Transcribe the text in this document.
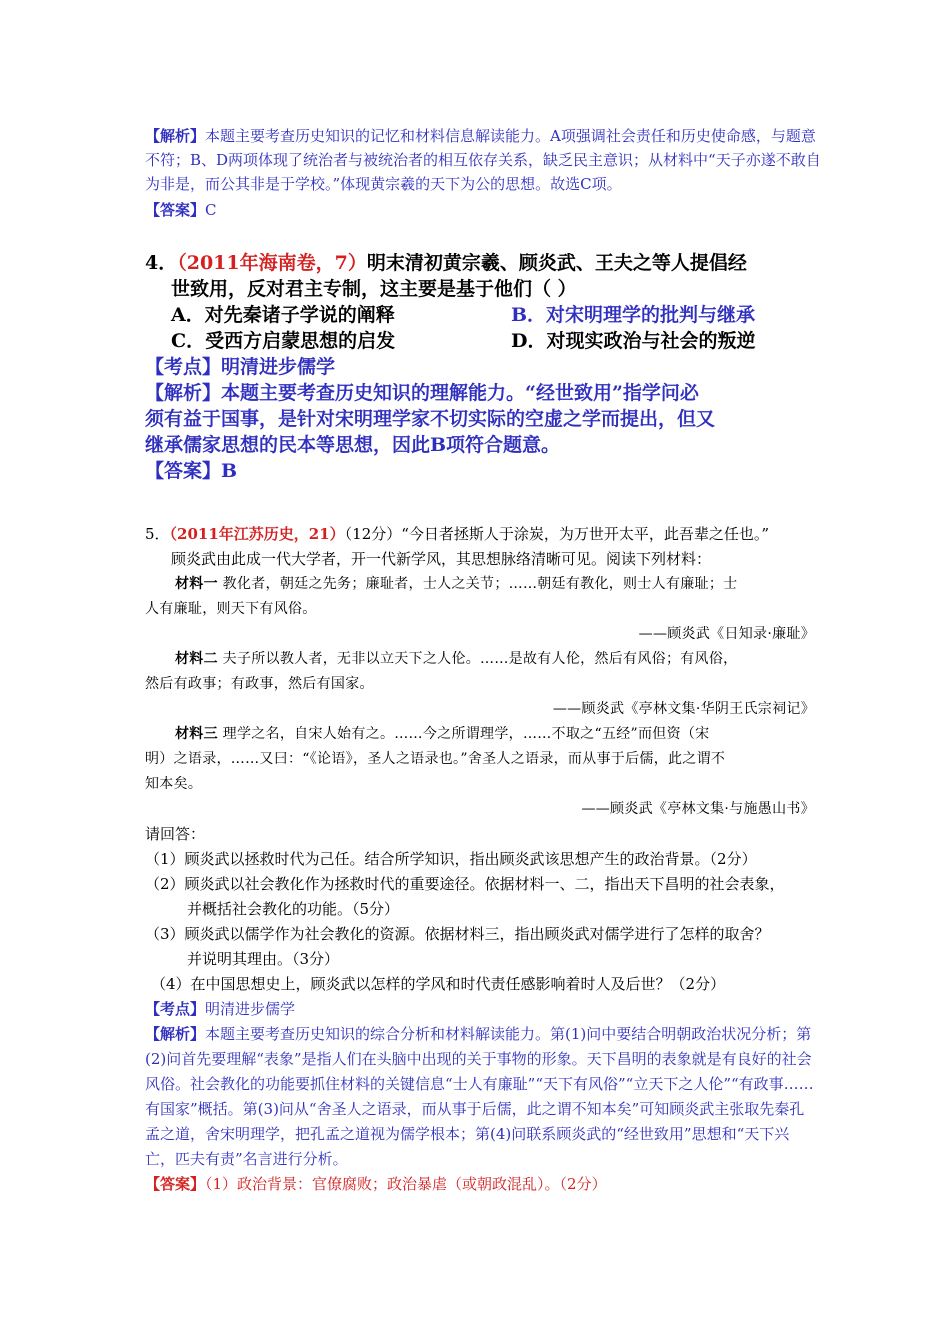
【解析】本题主要考查历史知识的记忆和材料信息解读能力。A项强调社会责任和历史使命感，与题意不符；B、D两项体现了统治者与被统治者的相互依存关系，缺乏民主意识；从材料中“天子亦遂不敢自为非是，而公其非是于学校。”体现黄宗羲的天下为公的思想。故选C项。

【答案】C

4．（2011年海南卷，7）明末清初黄宗羲、顾炎武、王夫之等人提倡经

世致用，反对君主专制，这主要是基于他们（ ）

A．对先秦诸子学说的阐释	B．对宋明理学的批判与继承
C．受西方启蒙思想的启发	D．对现实政治与社会的叛逆

【考点】明清进步儒学

【解析】本题主要考查历史知识的理解能力。“经世致用”指学问必

须有益于国事，是针对宋明理学家不切实际的空虚之学而提出，但又

继承儒家思想的民本等思想，因此B项符合题意。

【答案】B

5．（2011年江苏历史，21）（12分）“今日者拯斯人于涂炭，为万世开太平，此吾辈之任也。”

顾炎武由此成一代大学者，开一代新学风，其思想脉络清晰可见。阅读下列材料：

材料一 教化者，朝廷之先务；廉耻者，士人之关节；……朝廷有教化，则士人有廉耻；士

人有廉耻，则天下有风俗。

——顾炎武《日知录·廉耻》

材料二 夫子所以教人者，无非以立天下之人伦。……是故有人伦，然后有风俗；有风俗，

然后有政事；有政事，然后有国家。

——顾炎武《亭林文集·华阴王氏宗祠记》

材料三 理学之名，自宋人始有之。……今之所谓理学，……不取之“五经”而但资（宋

明）之语录，……又曰：“《论语》，圣人之语录也。”舍圣人之语录，而从事于后儒，此之谓不

知本矣。

——顾炎武《亭林文集·与施愚山书》

请回答：

（1）顾炎武以拯救时代为己任。结合所学知识，指出顾炎武该思想产生的政治背景。（2分）

（2）顾炎武以社会教化作为拯救时代的重要途径。依据材料一、二，指出天下昌明的社会表象，

并概括社会教化的功能。（5分）

（3）顾炎武以儒学作为社会教化的资源。依据材料三，指出顾炎武对儒学进行了怎样的取舍？

并说明其理由。（3分）

（4）在中国思想史上，顾炎武以怎样的学风和时代责任感影响着时人及后世？（2分）

【考点】明清进步儒学

【解析】本题主要考查历史知识的综合分析和材料解读能力。第(1)问中要结合明朝政治状况分析；第(2)问首先要理解“表象”是指人们在头脑中出现的关于事物的形象。天下昌明的表象就是有良好的社会风俗。社会教化的功能要抓住材料的关键信息“士人有廉耻”“天下有风俗”“立天下之人伦”“有政事……有国家”概括。第(3)问从“舍圣人之语录，而从事于后儒，此之谓不知本矣”可知顾炎武主张取先秦孔孟之道，舍宋明理学，把孔孟之道视为儒学根本；第(4)问联系顾炎武的“经世致用”思想和“天下兴亡，匹夫有责”名言进行分析。

【答案】（1）政治背景：官僚腐败；政治暴虐（或朝政混乱）。（2分）
